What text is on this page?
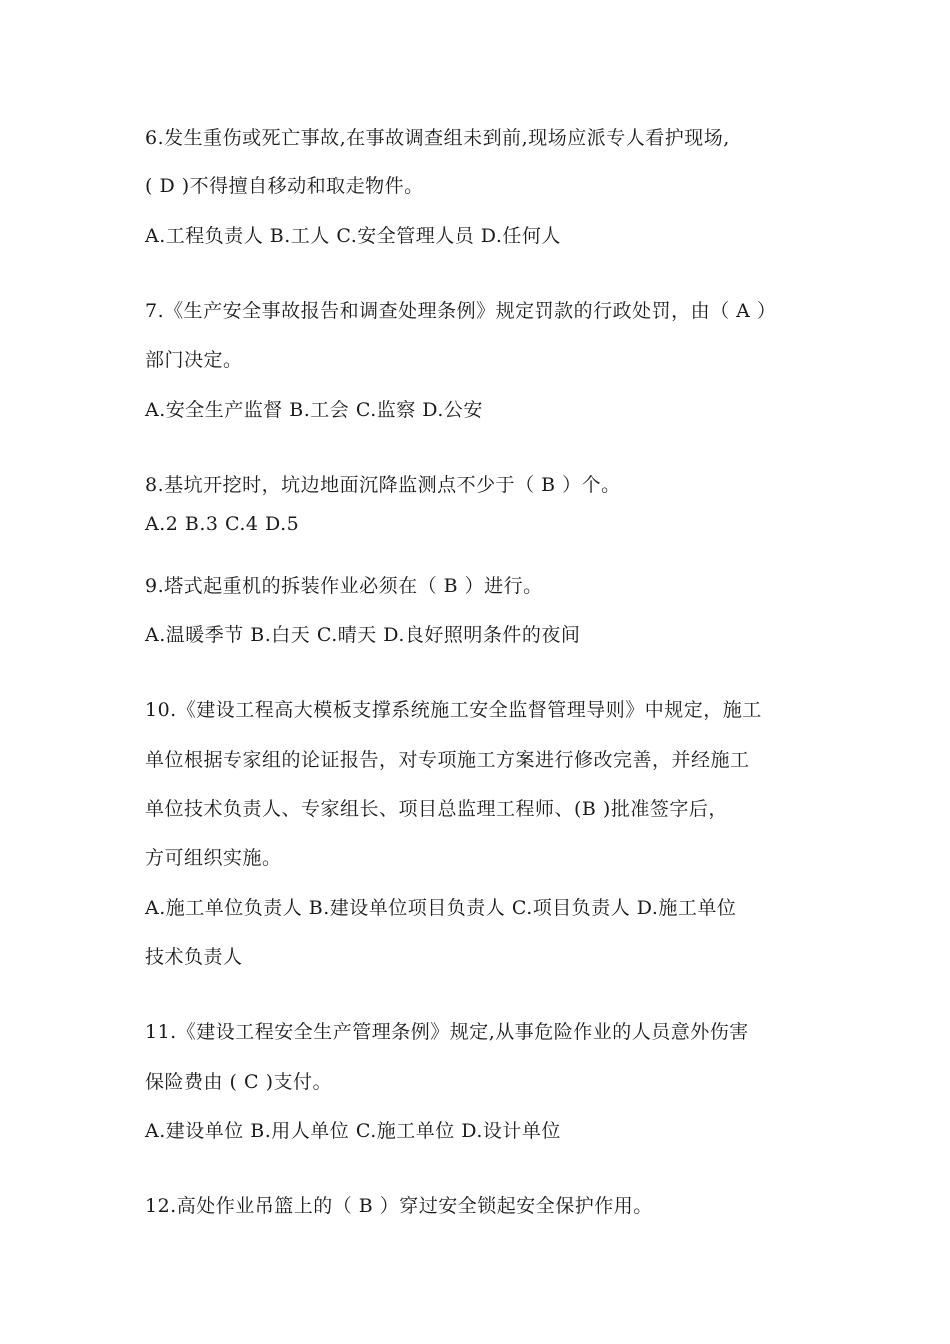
6.发生重伤或死亡事故,在事故调查组未到前,现场应派专人看护现场,
( D )不得擅自移动和取走物件。
A.工程负责人 B.工人 C.安全管理人员 D.任何人
7.《生产安全事故报告和调查处理条例》规定罚款的行政处罚，由（ A ）
部门决定。
A.安全生产监督 B.工会 C.监察 D.公安
8.基坑开挖时，坑边地面沉降监测点不少于（ B ）个。
A.2 B.3 C.4 D.5
9.塔式起重机的拆装作业必须在（ B ）进行。
A.温暖季节 B.白天 C.晴天 D.良好照明条件的夜间
10.《建设工程高大模板支撑系统施工安全监督管理导则》中规定，施工
单位根据专家组的论证报告，对专项施工方案进行修改完善，并经施工
单位技术负责人、专家组长、项目总监理工程师、(B )批准签字后，
方可组织实施。
A.施工单位负责人 B.建设单位项目负责人 C.项目负责人 D.施工单位
技术负责人
11.《建设工程安全生产管理条例》规定,从事危险作业的人员意外伤害
保险费由 ( C )支付。
A.建设单位 B.用人单位 C.施工单位 D.设计单位
12.高处作业吊篮上的（ B ）穿过安全锁起安全保护作用。
